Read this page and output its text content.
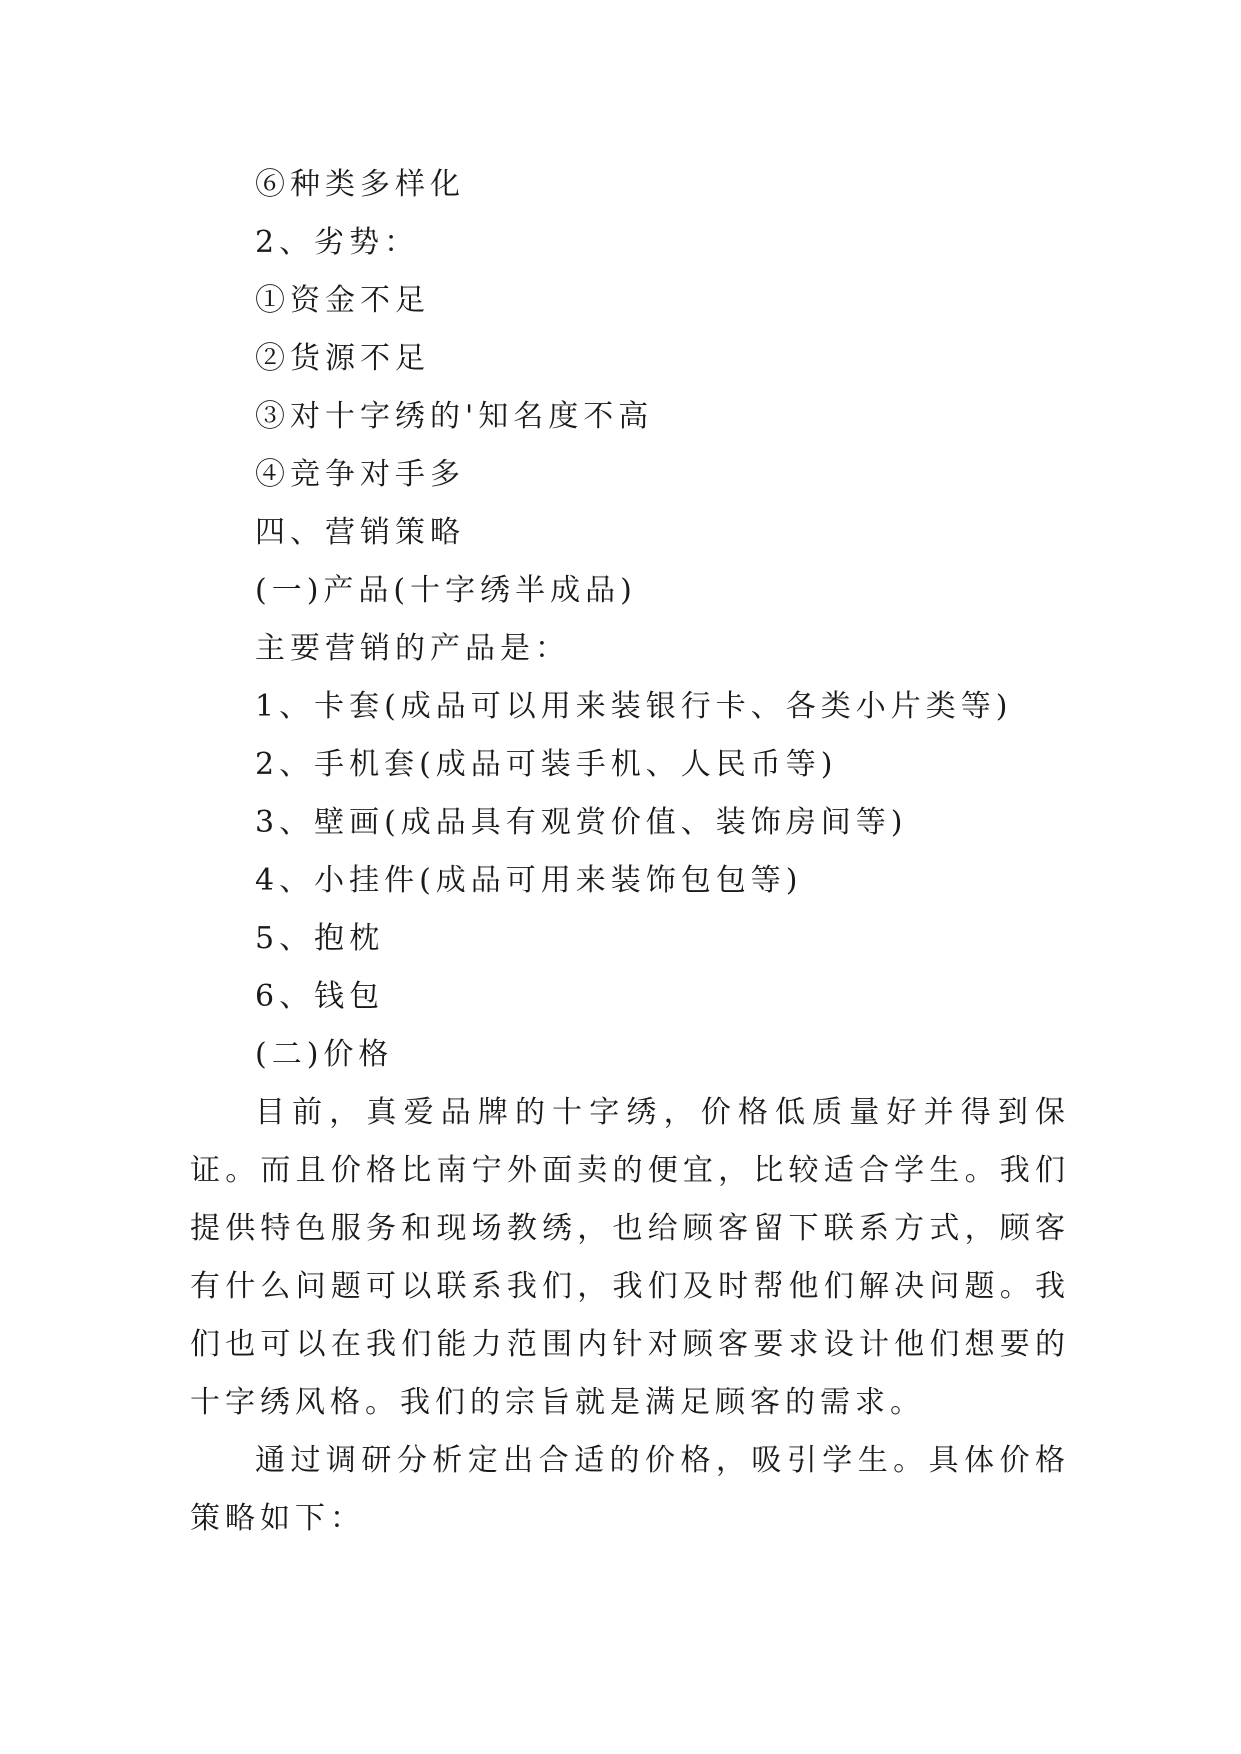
⑥种类多样化

2、劣势：

①资金不足

②货源不足

③对十字绣的'知名度不高

④竞争对手多

四、营销策略

(一)产品(十字绣半成品)

主要营销的产品是：

1、卡套(成品可以用来装银行卡、各类小片类等)

2、手机套(成品可装手机、人民币等)

3、壁画(成品具有观赏价值、装饰房间等)

4、小挂件(成品可用来装饰包包等)

5、抱枕

6、钱包

(二)价格

目前，真爱品牌的十字绣，价格低质量好并得到保证。而且价格比南宁外面卖的便宜，比较适合学生。我们提供特色服务和现场教绣，也给顾客留下联系方式，顾客有什么问题可以联系我们，我们及时帮他们解决问题。我们也可以在我们能力范围内针对顾客要求设计他们想要的十字绣风格。我们的宗旨就是满足顾客的需求。

通过调研分析定出合适的价格，吸引学生。具体价格策略如下：
